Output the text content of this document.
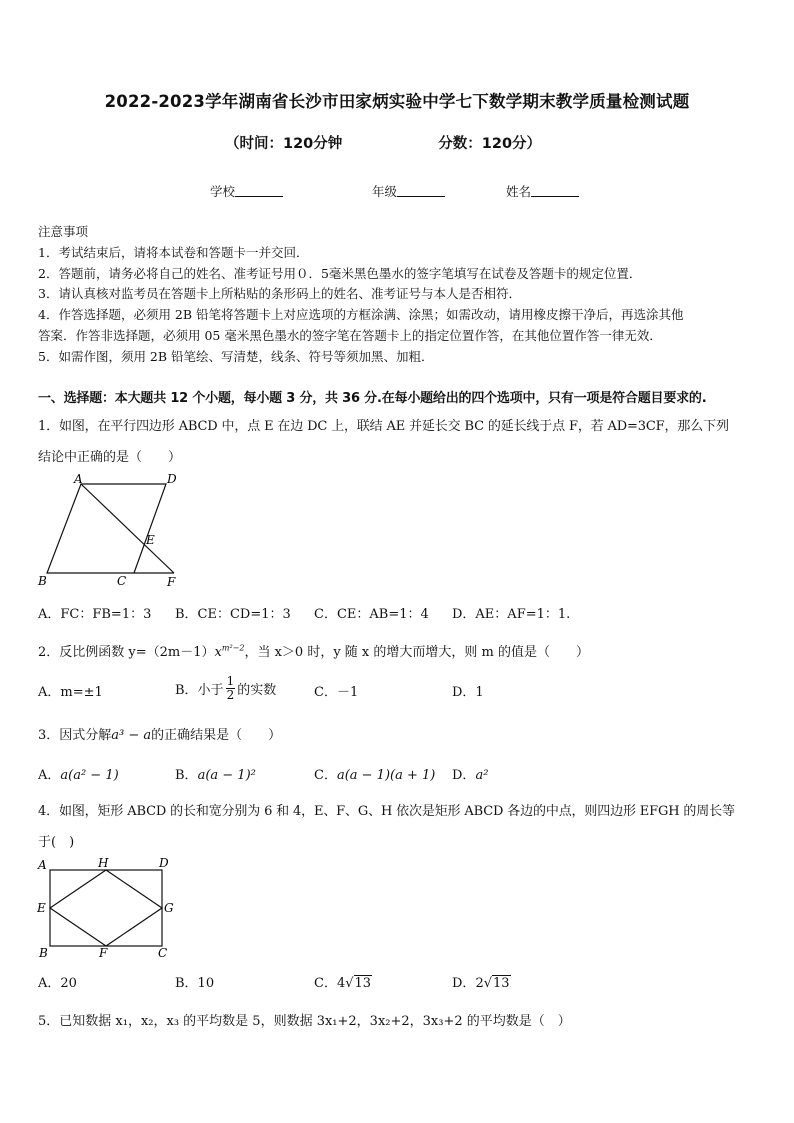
2022-2023学年湖南省长沙市田家炳实验中学七下数学期末教学质量检测试题
（时间：120分钟	分数：120分）
学校	年级	姓名
注意事项
1．考试结束后，请将本试卷和答题卡一并交回．
2．答题前，请务必将自己的姓名、准考证号用０．5毫米黑色墨水的签字笔填写在试卷及答题卡的规定位置．
3．请认真核对监考员在答题卡上所粘贴的条形码上的姓名、准考证号与本人是否相符．
4．作答选择题，必须用 2B 铅笔将答题卡上对应选项的方框涂满、涂黑；如需改动，请用橡皮擦干净后，再选涂其他
答案．作答非选择题，必须用 05 毫米黑色墨水的签字笔在答题卡上的指定位置作答，在其他位置作答一律无效．
5．如需作图，须用 2B 铅笔绘、写清楚，线条、符号等须加黑、加粗．
一、选择题：本大题共 12 个小题，每小题 3 分，共 36 分.在每小题给出的四个选项中，只有一项是符合题目要求的.
1．如图，在平行四边形 ABCD 中，点 E 在边 DC 上，联结 AE 并延长交 BC 的延长线于点 F，若 AD=3CF，那么下列
结论中正确的是（　　）
A	D
E
B	C	F
A．FC：FB=1：3 B．CE：CD=1：3 C．CE：AB=1：4 D．AE：AF=1：1.
2．反比例函数 $y=(2m-1)x^{m^2-2}$，当 x＞0 时，y 随 x 的增大而增大，则 m 的值是（　　）
A．m=±1	B．小于 $\frac{1}{2}$ 的实数	C．－1	D．1
3．因式分解a³ − a的正确结果是（　　）
A．a(a² − 1)	B．a(a − 1)²	C．a(a − 1)(a + 1) D．a²
4．如图，矩形 ABCD 的长和宽分别为 6 和 4，E、F、G、H 依次是矩形 ABCD 各边的中点，则四边形 EFGH 的周长等
于(　)
A	H	D
E	G
B	F	C
A．20	B．10	C．4√13	D．2√13
5．已知数据 x₁，x₂，x₃ 的平均数是 5，则数据 3x₁+2，3x₂+2，3x₃+2 的平均数是（　）
